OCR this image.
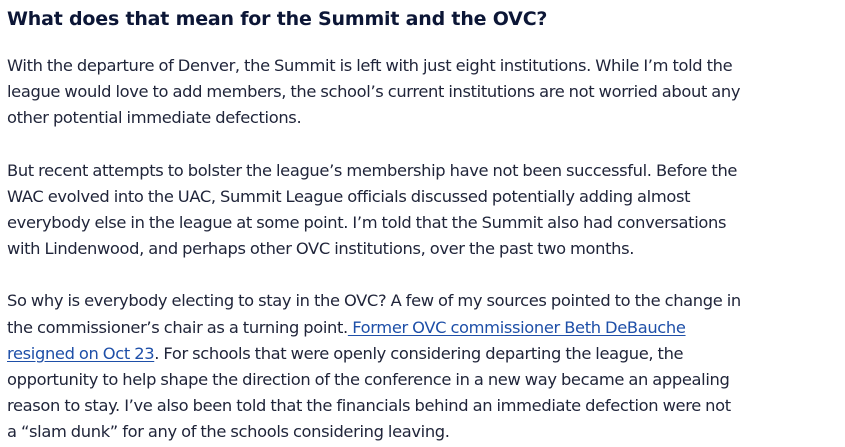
What does that mean for the Summit and the OVC?

With the departure of Denver, the Summit is left with just eight institutions. While I’m told the
league would love to add members, the school’s current institutions are not worried about any
other potential immediate defections.

But recent attempts to bolster the league’s membership have not been successful. Before the
WAC evolved into the UAC, Summit League officials discussed potentially adding almost
everybody else in the league at some point. I’m told that the Summit also had conversations
with Lindenwood, and perhaps other OVC institutions, over the past two months.

So why is everybody electing to stay in the OVC? A few of my sources pointed to the change in
the commissioner’s chair as a turning point. Former OVC commissioner Beth DeBauche
resigned on Oct 23. For schools that were openly considering departing the league, the
opportunity to help shape the direction of the conference in a new way became an appealing
reason to stay. I’ve also been told that the financials behind an immediate defection were not
a “slam dunk” for any of the schools considering leaving.
